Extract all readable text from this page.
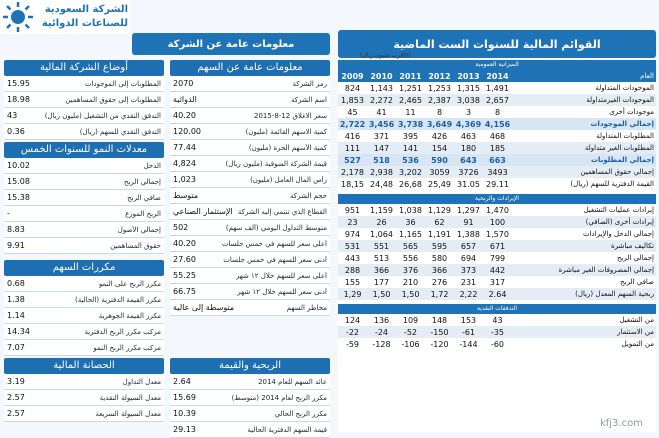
الشركة السعودية
للصناعات الدوائية
معلومات عامة عن الشركة	القوائم المالية للسنوات الست الماضية
(الأقرب مليون ريال)
أوضاع الشركة المالية
المطلوبات إلى الموجودات
15.95
المطلوبات إلى حقوق المساهمين
18.98
التدفق النقدي من التشغيل (مليون ريال)
43
التدفق النقدي للسهم (ريال)
0.36
معدلات النمو للسنوات الخمس الماضية	الدخل
10.02
إجمالي الربح
15.08
صافي الربح
15.38
الربح الموزع
-
إجمالي الأصول
8.83
حقوق المساهمين
9.91
مكررات السهم
مكرر الربح على النمو
0.68
مكرر القيمة الدفترية (الحالية)
1.38
مكرر القيمة الجوهرية
1.14
مركب مكرر الربح الدفترية
14.34
مركب مكرر الربح النمو
7.07
الحصانة المالية
معدل التداول
3.19
معدل السيولة النقدية
2.57
معدل السيولة السريعة
2.57
معلومات عامة عن السهم
رمز الشركة
2070
اسم الشركة
الدوائية
سعر الاغلاق 12-8-2015
40.20
كمية الاسهم القائمة (مليون)
120.00
كمية الأسهم الحرة (مليون)
77.44
قيمة الشركة السوقية (مليون ريال)
4,824
رأس المال العامل (مليون)
1,023
حجم الشركة
متوسط
القطاع الذي تنتمي إليه الشركة
الإستثمار الصناعي
متوسط التداول اليومي (ألف سهم)
502
أعلى سعر للسهم في خمس جلسات
40.20
أدنى سعر للسهم في خمس جلسات
27.60
أعلى سعر للسهم خلال ١٢ شهر
55.25
أدنى سعر للسهم خلال ١٢ شهر
66.75
مخاطر السهم
متوسطة إلى عالية
الربحية والقيمة
عائد السهم للعام 2014
2.64
مكرر الربح لعام 2014 (متوسط)
15.69
مكرر الربح الحالي
10.39
قيمة السهم الدفترية الحالية
29.13
الميزانية العمومية
2009	2010	2011	2012	2013	2014	العام
824	1,143	1,251	1,253	1,315	1,491	الموجودات المتداولة
1,853	2,272	2,465	2,387	3,038	2,657	الموجودات الغيرمتداولة
45	41	11	8	3	8	موجودات أخرى
2,722	3,456	3,738	3,649	4,369	4,156	إجمالي الموجودات
416	371	395	426	463	468	المطلوبات المتداولة
111	147	141	154	180	185	المطلوبات الغير متداولة
527	518	536	590	643	663	إجمالي المطلوبات
2,178	2,938	3,202	3059	3726	3493	إجمالي حقوق المساهمين
18,15	24,48	26,68	25,49	31.05	29.11	القيمة الدفترية للسهم (ريال)
الإيرادات والربحية
951	1,159	1,038	1,129	1,297	1,470	إيرادات عمليات التشغيل
23	26	36	62	91	100	إيرادات أخرى (الصافي)
974	1,064	1,165	1,191	1,388	1,570	إجمالي الدخل والإيرادات
531	551	565	595	657	671	تكاليف مباشرة
443	513	556	580	694	799	إجمالي الربح
288	366	376	366	373	442	إجمالي المصروفات الغير مباشرة
155	177	210	276	231	317	صافي الربح
1,29	1,50	1,50	1,72	2,22	2.64	ربحية السهم المعدل (ريال)
التدفقات النقدية
124	136	109	148	153	43	من التشغيل
-22	-24	-52	-150	-61	-35	من الاستثمار
-59	-128	-106	-120	-144	-60	من التمويل
kfj3.com
